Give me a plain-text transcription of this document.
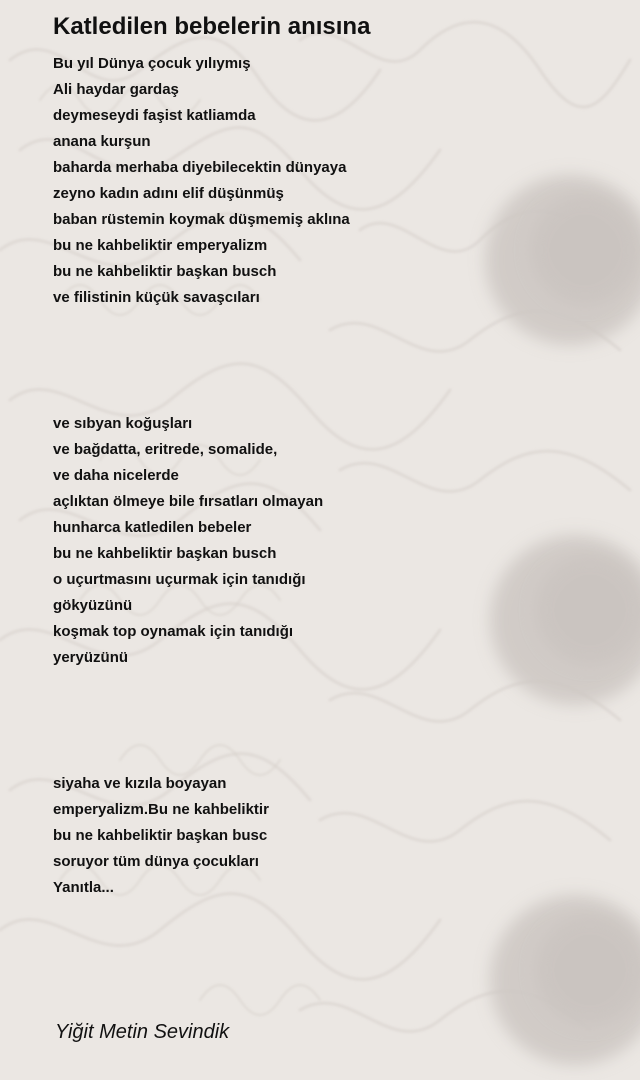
Katledilen bebelerin anısına
Bu yıl Dünya çocuk yılıymış
Ali haydar gardaş
deymeseydi faşist katliamda
anana kurşun
baharda merhaba diyebilecektin dünyaya
zeyno kadın adını elif düşünmüş
baban rüstemin koymak düşmemiş aklına
bu ne kahbeliktir emperyalizm
bu ne kahbeliktir başkan busch
ve filistinin küçük savaşcıları
ve sıbyan koğuşları
ve bağdatta, eritrede, somalide,
ve daha nicelerde
açlıktan ölmeye bile fırsatları olmayan
hunharca katledilen bebeler
bu ne kahbeliktir başkan busch
o uçurtmasını uçurmak için tanıdığı
gökyüzünü
koşmak top oynamak için tanıdığı
yeryüzünü
siyaha ve kızıla boyayan
emperyalizm.Bu ne kahbeliktir
bu ne kahbeliktir başkan busc
soruyor tüm dünya çocukları
Yanıtla...

Yiğit Metin Sevindik
